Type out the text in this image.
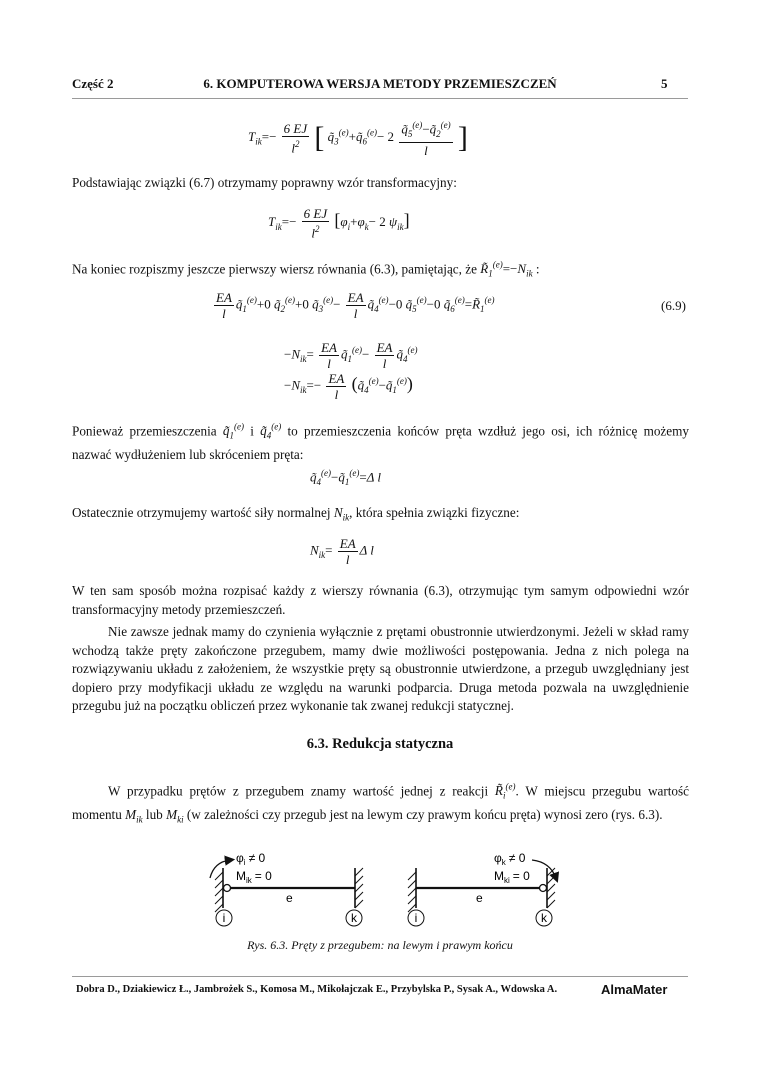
Część 2	6. KOMPUTEROWA WERSJA METODY PRZEMIESZCZEŃ	5
$T_{ik}=- \frac{6 EJ}{l^2}$ [ $q̃_3^{(e)}+q̃_6^{(e)}- 2 \frac{q̃_5^{(e)}-q̃_2^{(e)}}{l}$ ]
Podstawiając związki (6.7) otrzymamy poprawny wzór transformacyjny:
$T_{ik}=- \frac{6 EJ}{l^2} [\varphi_i+\varphi_k- 2$ $\psi_{ik}$]
Na koniec rozpiszmy jeszcze pierwszy wiersz równania (6.3), pamiętając, że $R̃_1^{(e)}=-N_{ik}$ :
$\frac{EA}{l}$ $q̃_1^{(e)}+0$ $q̃_2^{(e)}+0$ $q̃_3^{(e)}- \frac{EA}{l}$ $q̃_4^{(e)}-0$ $q̃_5^{(e)}-0$ $q̃_6^{(e)}=R̃_1^{(e)}$	(6.9)
$-N_{ik}= \frac{EA}{l}$ $q̃_1^{(e)}- \frac{EA}{l}$ $q̃_4^{(e)}$
$-N_{ik}=- \frac{EA}{l}$ $(q̃_4^{(e)}-q̃_1^{(e)})$
Ponieważ przemieszczenia $q̃_1^{(e)}$ i $q̃_4^{(e)}$ to przemieszczenia końców pręta wzdłuż jego osi, ich różnicę możemy nazwać wydłużeniem lub skróceniem pręta:
$q̃_4^{(e)}-q̃_1^{(e)}=\Delta$ l
Ostatecznie otrzymujemy wartość siły normalnej $N_{ik}$, która spełnia związki fizyczne:
$N_{ik}= \frac{EA}{l}$ Δ l
W ten sam sposób można rozpisać każdy z wierszy równania (6.3), otrzymując tym samym odpowiedni wzór transformacyjny metody przemieszczeń.
Nie zawsze jednak mamy do czynienia wyłącznie z prętami obustronnie utwierdzonymi. Jeżeli w skład ramy wchodzą także pręty zakończone przegubem, mamy dwie możliwości postępowania. Jedna z nich polega na rozwiązywaniu układu z założeniem, że wszystkie pręty są obustronnie utwierdzone, a przegub uwzględniany jest dopiero przy modyfikacji układu ze względu na warunki podparcia. Druga metoda pozwala na uwzględnienie przegubu już na początku obliczeń przez wykonanie tak zwanej redukcji statycznej.
6.3. Redukcja statyczna
W przypadku prętów z przegubem znamy wartość jednej z reakcji $R̃_i^{(e)}$. W miejscu przegubu wartość momentu $M_{ik}$ lub $M_{ki}$ (w zależności czy przegub jest na lewym czy prawym końcu pręta) wynosi zero (rys. 6.3).
$\varphi_i \ne 0$
$M_{ik} = 0$
e
i	k
$\varphi_k \ne 0$
$M_{ki} = 0$
e
i	k
Rys. 6.3. Pręty z przegubem: na lewym i prawym końcu
Dobra D., Dziakiewicz Ł., Jambrożek S., Komosa M., Mikołajczak E., Przybylska P., Sysak A., Wdowska A.	AlmaMater
